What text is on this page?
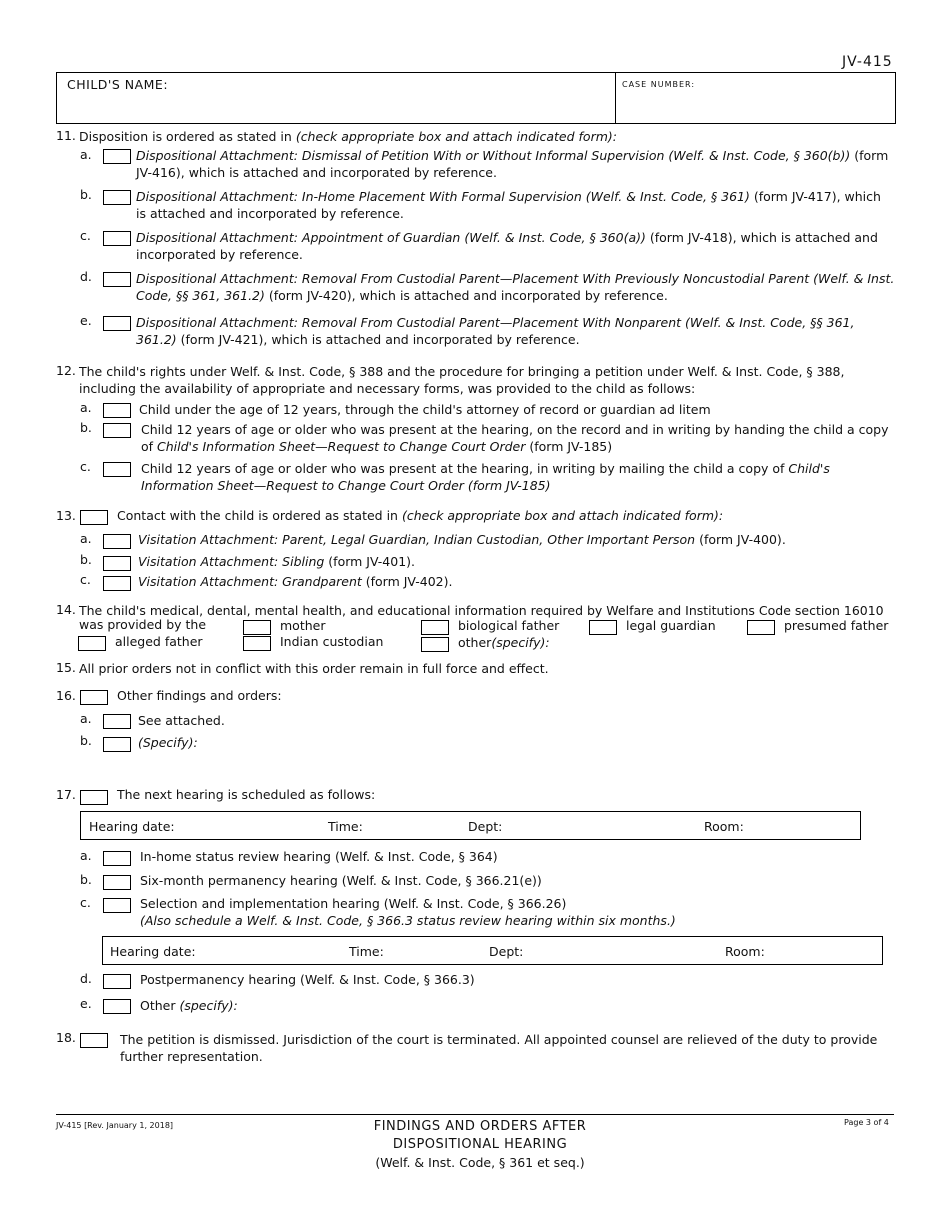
JV-415
CHILD'S NAME:	CASE NUMBER:
11. Disposition is ordered as stated in (check appropriate box and attach indicated form):
a.	Dispositional Attachment: Dismissal of Petition With or Without Informal Supervision (Welf. & Inst. Code, § 360(b)) (form JV-416), which is attached and incorporated by reference.
b.	Dispositional Attachment: In-Home Placement With Formal Supervision (Welf. & Inst. Code, § 361) (form JV-417), which is attached and incorporated by reference.
c.	Dispositional Attachment: Appointment of Guardian (Welf. & Inst. Code, § 360(a)) (form JV-418), which is attached and incorporated by reference.
d.	Dispositional Attachment: Removal From Custodial Parent—Placement With Previously Noncustodial Parent (Welf. & Inst. Code, §§ 361, 361.2) (form JV-420), which is attached and incorporated by reference.
e.	Dispositional Attachment: Removal From Custodial Parent—Placement With Nonparent (Welf. & Inst. Code, §§ 361, 361.2) (form JV-421), which is attached and incorporated by reference.
12. The child's rights under Welf. & Inst. Code, § 388 and the procedure for bringing a petition under Welf. & Inst. Code, § 388, including the availability of appropriate and necessary forms, was provided to the child as follows:
a.	Child under the age of 12 years, through the child's attorney of record or guardian ad litem
b.	Child 12 years of age or older who was present at the hearing, on the record and in writing by handing the child a copy of Child's Information Sheet—Request to Change Court Order (form JV-185)
c.	Child 12 years of age or older who was present at the hearing, in writing by mailing the child a copy of Child's Information Sheet—Request to Change Court Order (form JV-185)
13.	Contact with the child is ordered as stated in (check appropriate box and attach indicated form):
a.	Visitation Attachment: Parent, Legal Guardian, Indian Custodian, Other Important Person (form JV-400).
b.	Visitation Attachment: Sibling (form JV-401).
c.	Visitation Attachment: Grandparent (form JV-402).
14. The child's medical, dental, mental health, and educational information required by Welfare and Institutions Code section 16010
was provided by the	mother	biological father	legal guardian	presumed father
alleged father	Indian custodian	other(specify):
15. All prior orders not in conflict with this order remain in full force and effect.
16.	Other findings and orders:
a.	See attached.
b.	(Specify):
17.	The next hearing is scheduled as follows:
Hearing date:	Time:	Dept:	Room:
a.	In-home status review hearing (Welf. & Inst. Code, § 364)
b.	Six-month permanency hearing (Welf. & Inst. Code, § 366.21(e))
c.	Selection and implementation hearing (Welf. & Inst. Code, § 366.26)
(Also schedule a Welf. & Inst. Code, § 366.3 status review hearing within six months.)
Hearing date:	Time:	Dept:	Room:
d.	Postpermanency hearing (Welf. & Inst. Code, § 366.3)
e.	Other (specify):
18.	The petition is dismissed. Jurisdiction of the court is terminated. All appointed counsel are relieved of the duty to provide further representation.
JV-415 [Rev. January 1, 2018]	FINDINGS AND ORDERS AFTER
DISPOSITIONAL HEARING
(Welf. & Inst. Code, § 361 et seq.)
Page 3 of 4
